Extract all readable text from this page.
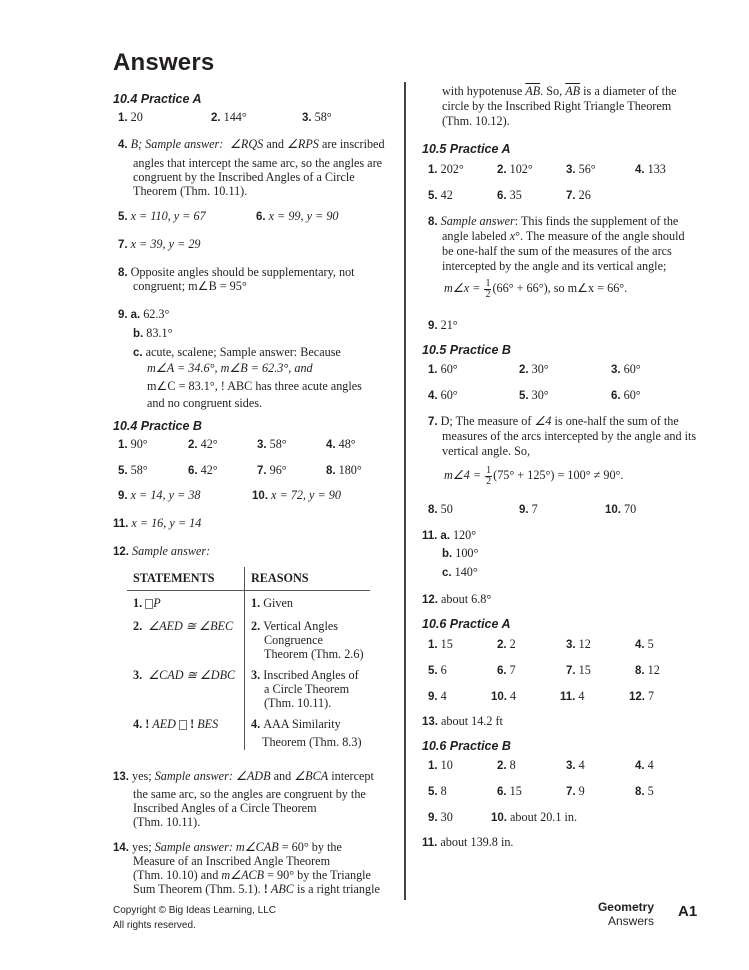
Answers
10.4 Practice A
1. 20	2. 144°	3. 58°
4. B; Sample answer: ∠RQS and ∠RPS are inscribed
angles that intercept the same arc, so the angles are
congruent by the Inscribed Angles of a Circle
Theorem (Thm. 10.11).
5. x = 110, y = 67	6. x = 99, y = 90
7. x = 39, y = 29
8. Opposite angles should be supplementary, not
congruent; m∠B = 95°
9. a. 62.3°
b. 83.1°
c. acute, scalene; Sample answer: Because
m∠A = 34.6°, m∠B = 62.3°, and
m∠C = 83.1°, ! ABC has three acute angles
and no congruent sides.
10.4 Practice B
1. 90°	2. 42°	3. 58°	4. 48°
5. 58°	6. 42°	7. 96°	8. 180°
9. x = 14, y = 38	10. x = 72, y = 90
11. x = 16, y = 14
12. Sample answer:
STATEMENTS	REASONS
1. P	1. Given
2. ∠AED ≅ ∠BEC 2. Vertical Angles
Congruence
Theorem (Thm. 2.6)
3. ∠CAD ≅ ∠DBC 3. Inscribed Angles of
a Circle Theorem
(Thm. 10.11).
4. ! AED ! BES	4. AAA Similarity
Theorem (Thm. 8.3)
13. yes; Sample answer: ∠ADB and ∠BCA intercept
the same arc, so the angles are congruent by the
Inscribed Angles of a Circle Theorem
(Thm. 10.11).
14. yes; Sample answer: m∠CAB = 60° by the
Measure of an Inscribed Angle Theorem
(Thm. 10.10) and m∠ACB = 90° by the Triangle
Sum Theorem (Thm. 5.1). ! ABC is a right triangle
with hypotenuse $\overline{AB}$. So, $\overline{AB}$ is a diameter of the
circle by the Inscribed Right Triangle Theorem
(Thm. 10.12).
10.5 Practice A
1. 202°	2. 102°	3. 56°	4. 133
5. 42	6. 35	7. 26
8. Sample answer: This finds the supplement of the
angle labeled x°. The measure of the angle should
be one-half the sum of the measures of the arcs
intercepted by the angle and its vertical angle;
m∠x = $\frac{1}{2} (66^\circ + 66^\circ)$, so m∠x = 66°.
9. 21°
10.5 Practice B
1. 60°	2. 30°	3. 60°
4. 60°	5. 30°	6. 60°
7. D; The measure of ∠4 is one-half the sum of the
measures of the arcs intercepted by the angle and its
vertical angle. So,
m∠4 = $\frac{1}{2} (75^\circ + 125^\circ) = 100^\circ \ne 90^\circ$.
8. 50	9. 7	10. 70
11. a. 120°
b. 100°
c. 140°
12. about 6.8°
10.6 Practice A
1. 15	2. 2	3. 12	4. 5
5. 6	6. 7	7. 15	8. 12
9. 4	10. 4	11. 4	12. 7
13. about 14.2 ft
10.6 Practice B
1. 10	2. 8	3. 4	4. 4
5. 8	6. 15	7. 9	8. 5
9. 30	10. about 20.1 in.
11. about 139.8 in.
Copyright © Big Ideas Learning, LLC
All rights reserved.
Geometry
Answers
A1
